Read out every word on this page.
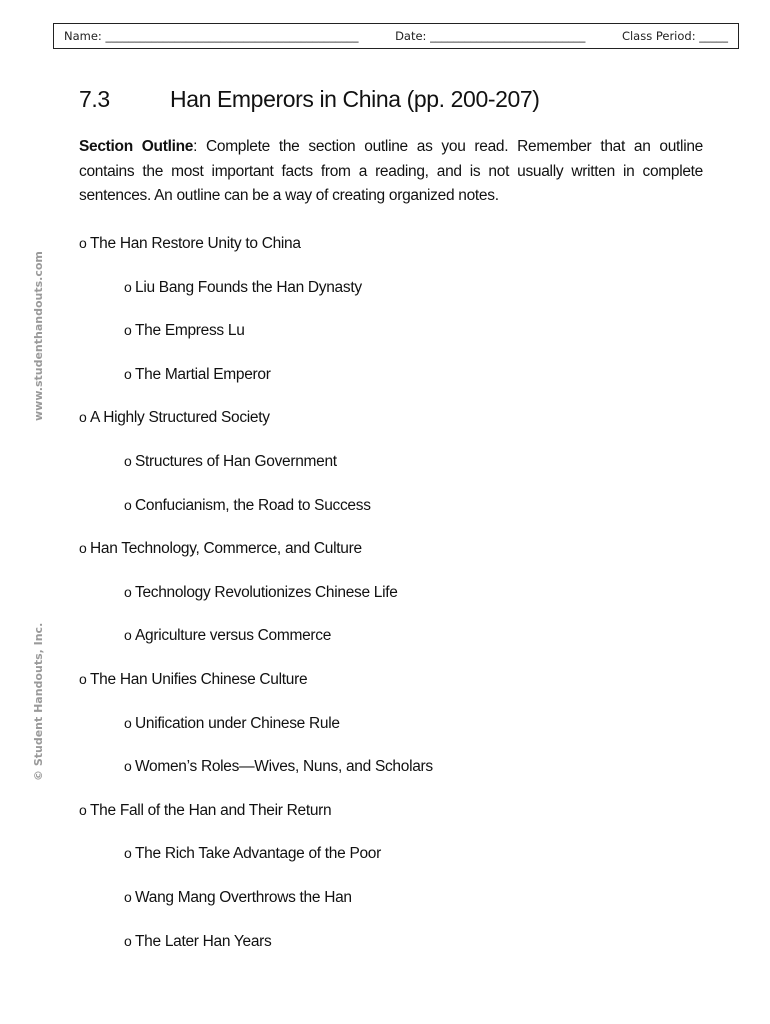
Name: ____________________________________________	Date: ___________________________	Class Period: _____
www.studenthandouts.com
© Student Handouts, Inc.
7.3	Han Emperors in China (pp. 200-207)
Section Outline: Complete the section outline as you read. Remember that an outline contains the most important facts from a reading, and is not usually written in complete sentences. An outline can be a way of creating organized notes.
o The Han Restore Unity to China
o Liu Bang Founds the Han Dynasty
o The Empress Lu
o The Martial Emperor
o A Highly Structured Society
o Structures of Han Government
o Confucianism, the Road to Success
o Han Technology, Commerce, and Culture
o Technology Revolutionizes Chinese Life
o Agriculture versus Commerce
o The Han Unifies Chinese Culture
o Unification under Chinese Rule
o Women’s Roles—Wives, Nuns, and Scholars
o The Fall of the Han and Their Return
o The Rich Take Advantage of the Poor
o Wang Mang Overthrows the Han
o The Later Han Years
